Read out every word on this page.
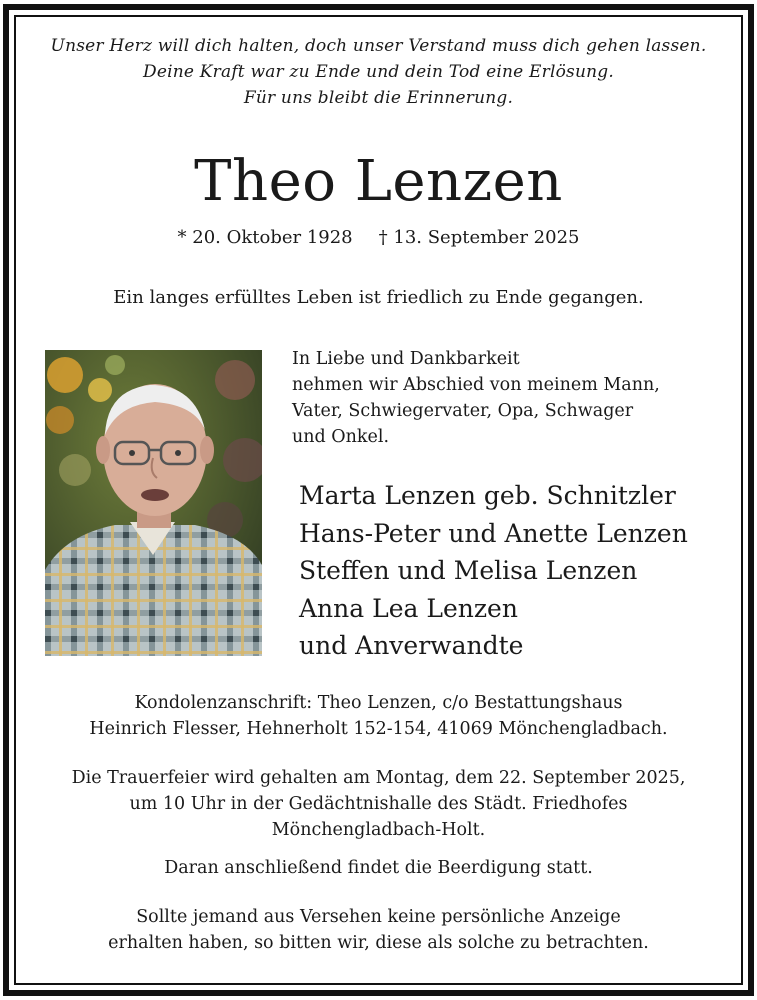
Unser Herz will dich halten, doch unser Verstand muss dich gehen lassen.
Deine Kraft war zu Ende und dein Tod eine Erlösung.
Für uns bleibt die Erinnerung.
Theo Lenzen
* 20. Oktober 1928 † 13. September 2025
Ein langes erfülltes Leben ist friedlich zu Ende gegangen.
In Liebe und Dankbarkeit
nehmen wir Abschied von meinem Mann,
Vater, Schwiegervater, Opa, Schwager
und Onkel.
Marta Lenzen geb. Schnitzler
Hans-Peter und Anette Lenzen
Steffen und Melisa Lenzen
Anna Lea Lenzen
und Anverwandte
Kondolenzanschrift: Theo Lenzen, c/o Bestattungshaus
Heinrich Flesser, Hehnerholt 152-154, 41069 Mönchengladbach.
Die Trauerfeier wird gehalten am Montag, dem 22. September 2025,
um 10 Uhr in der Gedächtnishalle des Städt. Friedhofes
Mönchengladbach-Holt.
Daran anschließend findet die Beerdigung statt.
Sollte jemand aus Versehen keine persönliche Anzeige
erhalten haben, so bitten wir, diese als solche zu betrachten.
